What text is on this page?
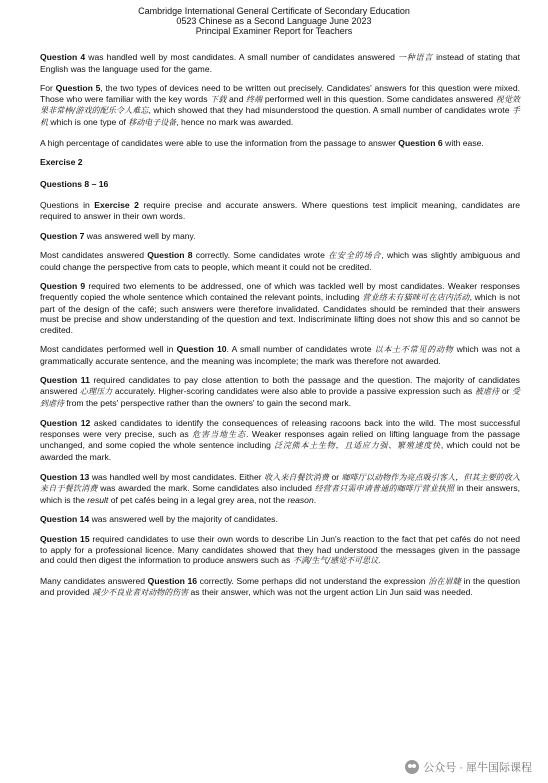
Cambridge International General Certificate of Secondary Education
0523 Chinese as a Second Language June 2023
Principal Examiner Report for Teachers

Question 4 was handled well by most candidates. A small number of candidates answered 一种语言 instead of stating that English was the language used for the game.

For Question 5, the two types of devices need to be written out precisely. Candidates' answers for this question were mixed. Those who were familiar with the key words 下载 and 终端 performed well in this question. Some candidates answered 视觉效果非常棒/游戏的配乐令人难忘, which showed that they had misunderstood the question. A small number of candidates wrote 手机 which is one type of 移动电子设备, hence no mark was awarded.

A high percentage of candidates were able to use the information from the passage to answer Question 6 with ease.

Exercise 2

Questions 8 – 16

Questions in Exercise 2 require precise and accurate answers. Where questions test implicit meaning, candidates are required to answer in their own words.

Question 7 was answered well by many.

Most candidates answered Question 8 correctly. Some candidates wrote 在安全的场合, which was slightly ambiguous and could change the perspective from cats to people, which meant it could not be credited.

Question 9 required two elements to be addressed, one of which was tackled well by most candidates. Weaker responses frequently copied the whole sentence which contained the relevant points, including 营业络未有猫咪可在店内活动, which is not part of the design of the café; such answers were therefore invalidated. Candidates should be reminded that their answers must be precise and show understanding of the question and text. Indiscriminate lifting does not show this and so cannot be credited.

Most candidates performed well in Question 10. A small number of candidates wrote 以本土不常见的动物 which was not a grammatically accurate sentence, and the meaning was incomplete; the mark was therefore not awarded.

Question 11 required candidates to pay close attention to both the passage and the question. The majority of candidates answered 心理压力 accurately. Higher-scoring candidates were also able to provide a passive expression such as 被虐待 or 受到虐待 from the pets' perspective rather than the owners' to gain the second mark.

Question 12 asked candidates to identify the consequences of releasing racoons back into the wild. The most successful responses were very precise, such as 危害当地生态. Weaker responses again relied on lifting language from the passage unchanged, and some copied the whole sentence including 泛浣熊本土生物，且适应力强、繁殖速度快, which could not be awarded the mark.

Question 13 was handled well by most candidates. Either 收入来自餐饮消费 or 咖啡厅以动物作为亮点吸引客人，但其主要的收入来自于餐饮消费 was awarded the mark. Some candidates also included 经营者只需申请普通的咖啡厅营业执照 in their answers, which is the result of pet cafés being in a legal grey area, not the reason.

Question 14 was answered well by the majority of candidates.

Question 15 required candidates to use their own words to describe Lin Jun's reaction to the fact that pet cafés do not need to apply for a professional licence. Many candidates showed that they had understood the messages given in the passage and could then digest the information to produce answers such as 不满/生气/感觉不可思议.

Many candidates answered Question 16 correctly. Some perhaps did not understand the expression 治在眉睫 in the question and provided 减少不良业者对动物的伤害 as their answer, which was not the urgent action Lin Jun said was needed.

公众号 · 犀牛国际课程
